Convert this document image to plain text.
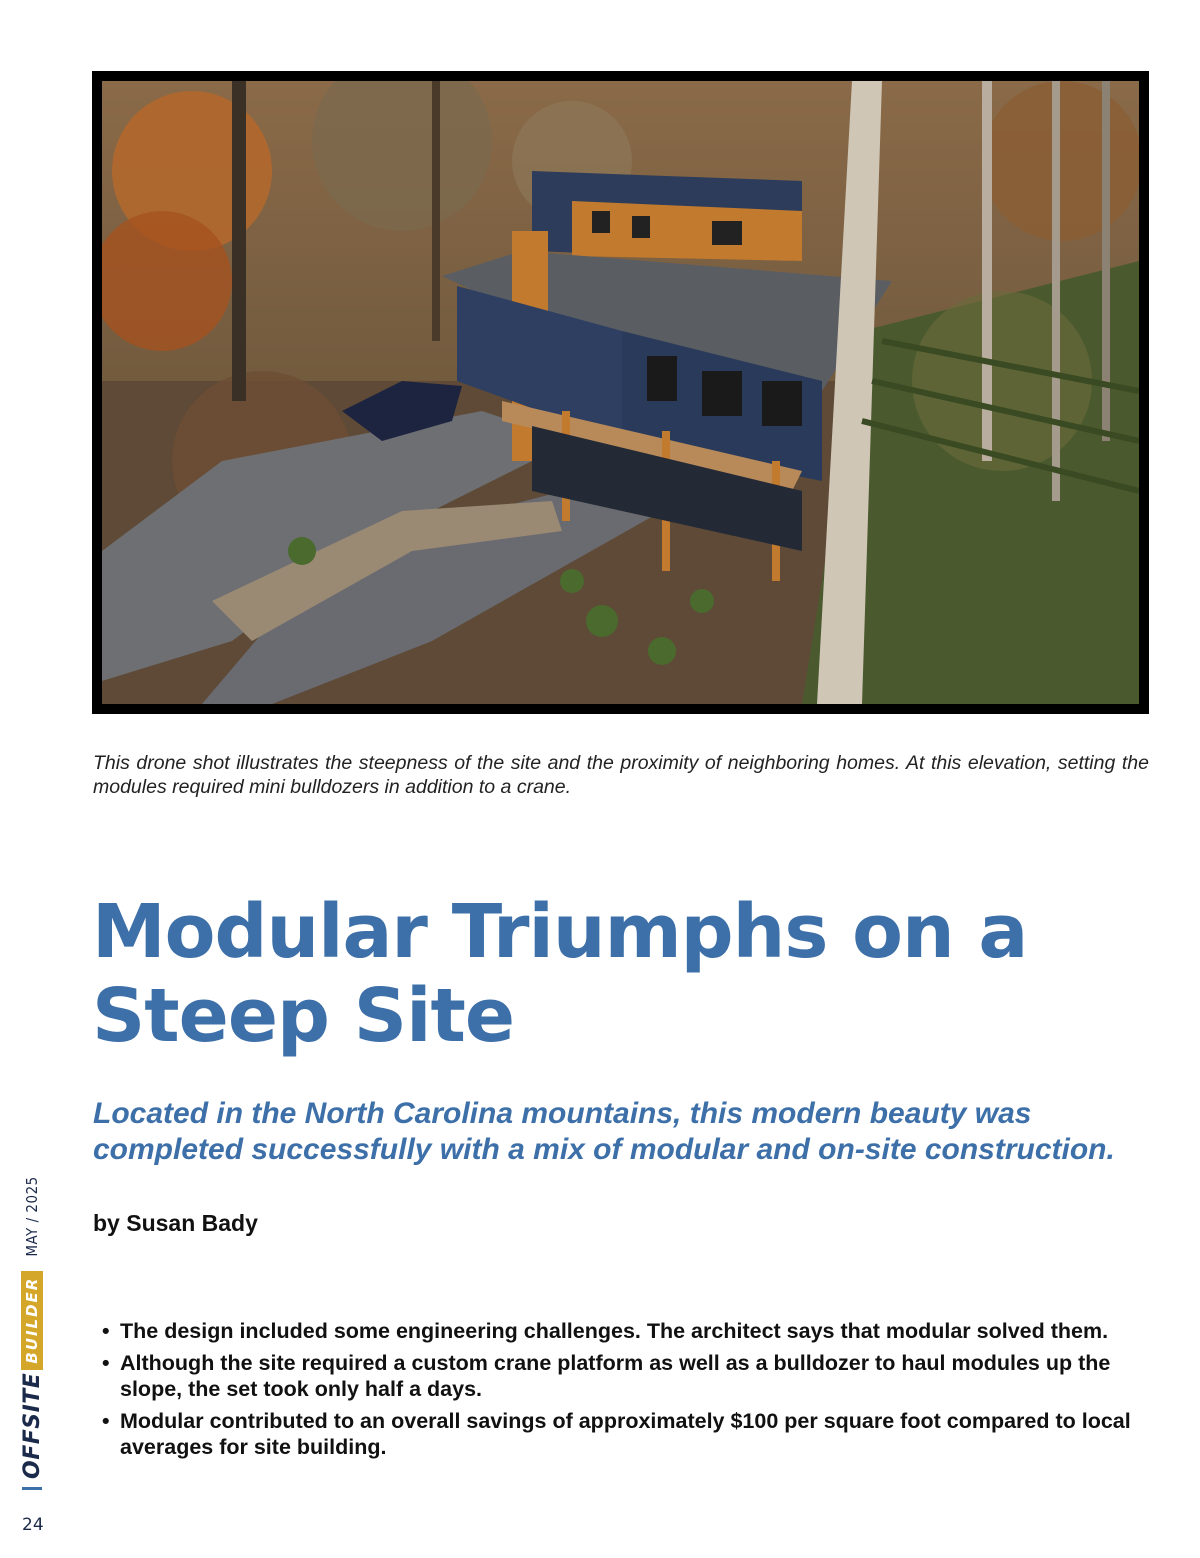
This drone shot illustrates the steepness of the site and the proximity of neighboring homes. At this elevation, setting the modules required mini bulldozers in addition to a crane.

Modular Triumphs on a Steep Site

Located in the North Carolina mountains, this modern beauty was completed successfully with a mix of modular and on-site construction.

by Susan Bady

• The design included some engineering challenges. The architect says that modular solved them.
• Although the site required a custom crane platform as well as a bulldozer to haul modules up the slope, the set took only half a days.
• Modular contributed to an overall savings of approximately $100 per square foot compared to local averages for site building.
OFFSITE
BUILDER
MAY / 2025
24
